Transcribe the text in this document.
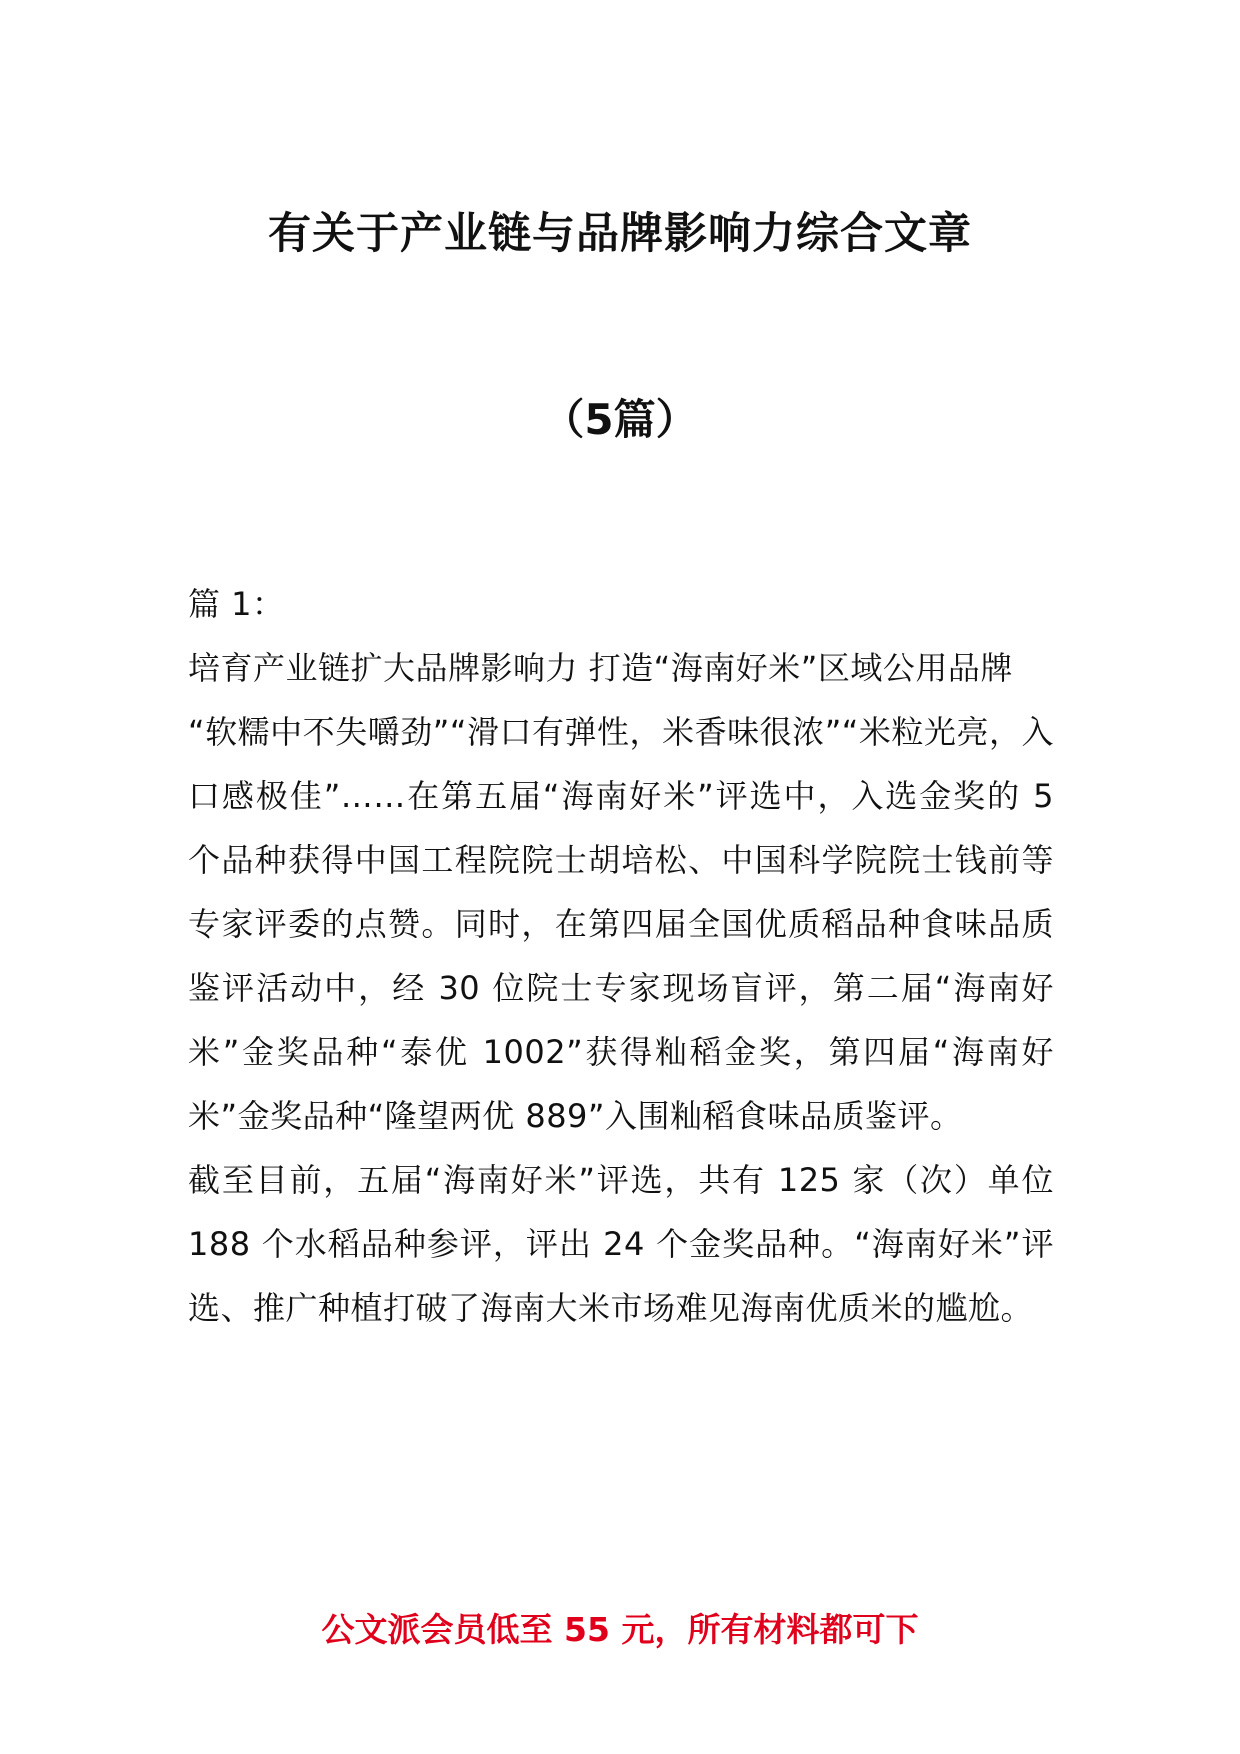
有关于产业链与品牌影响力综合文章
（5篇）

篇 1：

培育产业链扩大品牌影响力 打造“海南好米”区域公用品牌

“软糯中不失嚼劲”“滑口有弹性，米香味很浓”“米粒光亮，入口感极佳”……在第五届“海南好米”评选中，入选金奖的 5 个品种获得中国工程院院士胡培松、中国科学院院士钱前等专家评委的点赞。同时，在第四届全国优质稻品种食味品质鉴评活动中，经 30 位院士专家现场盲评，第二届“海南好米”金奖品种“泰优 1002”获得籼稻金奖，第四届“海南好米”金奖品种“隆望两优 889”入围籼稻食味品质鉴评。

截至目前，五届“海南好米”评选，共有 125 家（次）单位 188 个水稻品种参评，评出 24 个金奖品种。“海南好米”评选、推广种植打破了海南大米市场难见海南优质米的尴尬。

公文派会员低至 55 元，所有材料都可下
